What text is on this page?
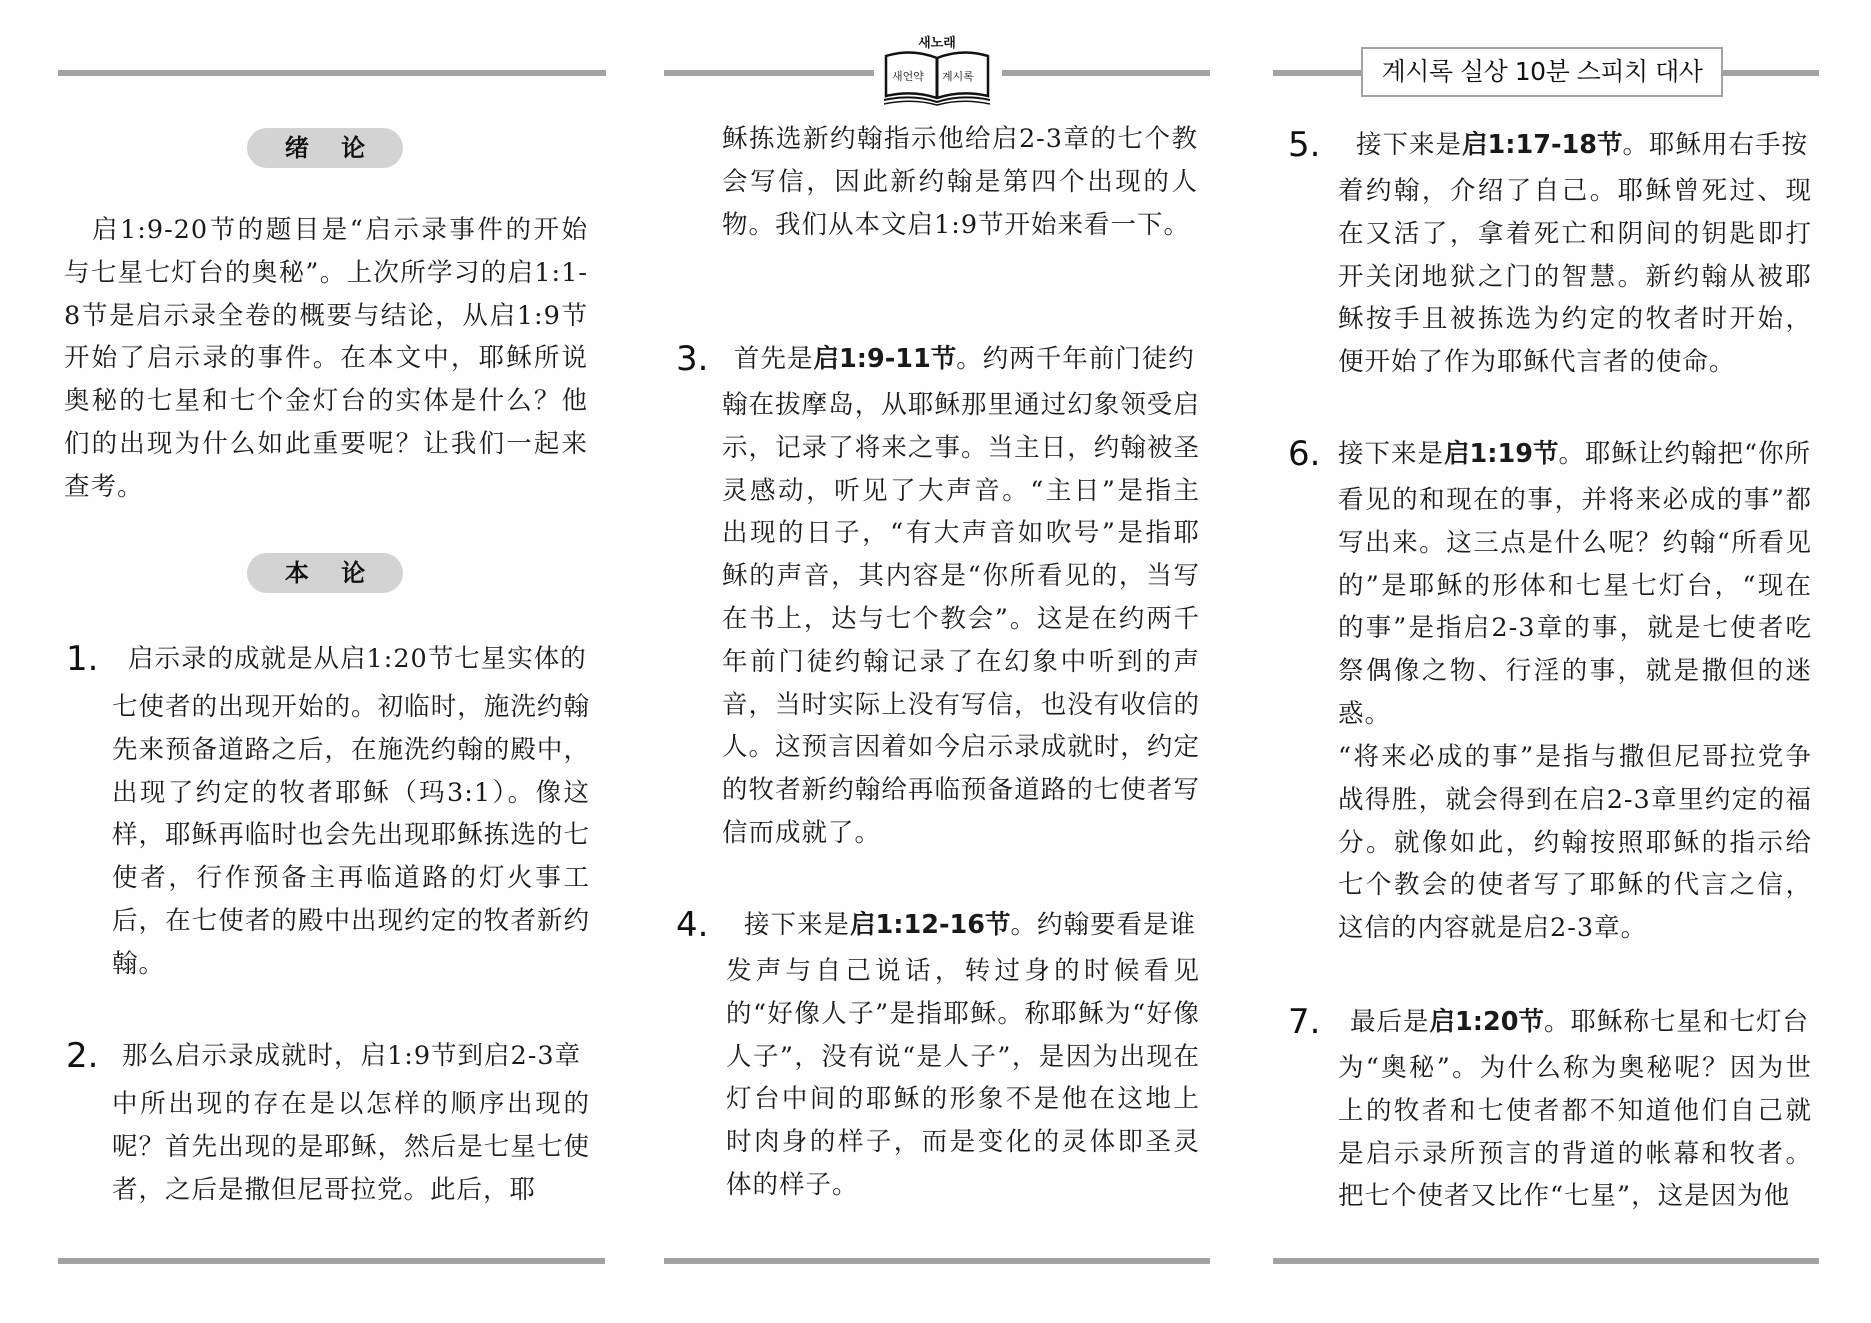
새노래
새언약 계시록	계시록 실상 10분 스피치 대사
绪 论
启1:9-20节的题目是“启示录事件的开始与七星七灯台的奥秘”。上次所学习的启1:1-8节是启示录全卷的概要与结论，从启1:9节开始了启示录的事件。在本文中，耶稣所说奥秘的七星和七个金灯台的实体是什么？他们的出现为什么如此重要呢？让我们一起来查考。
本 论
1. 启示录的成就是从启1:20节七星实体的
七使者的出现开始的。初临时，施洗约翰先来预备道路之后，在施洗约翰的殿中，出现了约定的牧者耶稣（玛3:1）。像这样，耶稣再临时也会先出现耶稣拣选的七使者，行作预备主再临道路的灯火事工后，在七使者的殿中出现约定的牧者新约翰。
2. 那么启示录成就时，启1:9节到启2-3章
中所出现的存在是以怎样的顺序出现的呢？首先出现的是耶稣，然后是七星七使者，之后是撒但尼哥拉党。此后，耶
稣拣选新约翰指示他给启2-3章的七个教会写信，因此新约翰是第四个出现的人物。我们从本文启1:9节开始来看一下。
3. 首先是启1:9-11节。约两千年前门徒约
翰在拔摩岛，从耶稣那里通过幻象领受启示，记录了将来之事。当主日，约翰被圣灵感动，听见了大声音。“主日”是指主出现的日子，“有大声音如吹号”是指耶稣的声音，其内容是“你所看见的，当写在书上，达与七个教会”。这是在约两千年前门徒约翰记录了在幻象中听到的声音，当时实际上没有写信，也没有收信的人。这预言因着如今启示录成就时，约定的牧者新约翰给再临预备道路的七使者写信而成就了。
4. 接下来是启1:12-16节。约翰要看是谁
发声与自己说话，转过身的时候看见的“好像人子”是指耶稣。称耶稣为“好像人子”，没有说“是人子”，是因为出现在灯台中间的耶稣的形象不是他在这地上时肉身的样子，而是变化的灵体即圣灵体的样子。
5. 接下来是启1:17-18节。耶稣用右手按
着约翰，介绍了自己。耶稣曾死过、现在又活了，拿着死亡和阴间的钥匙即打开关闭地狱之门的智慧。新约翰从被耶稣按手且被拣选为约定的牧者时开始，便开始了作为耶稣代言者的使命。
6. 接下来是启1:19节。耶稣让约翰把“你所
看见的和现在的事，并将来必成的事”都写出来。这三点是什么呢？约翰“所看见的”是耶稣的形体和七星七灯台，“现在的事”是指启2-3章的事，就是七使者吃祭偶像之物、行淫的事，就是撒但的迷惑。
“将来必成的事”是指与撒但尼哥拉党争战得胜，就会得到在启2-3章里约定的福分。就像如此，约翰按照耶稣的指示给七个教会的使者写了耶稣的代言之信，这信的内容就是启2-3章。
7. 最后是启1:20节。耶稣称七星和七灯台
为“奥秘”。为什么称为奥秘呢？因为世上的牧者和七使者都不知道他们自己就是启示录所预言的背道的帐幕和牧者。把七个使者又比作“七星”，这是因为他
